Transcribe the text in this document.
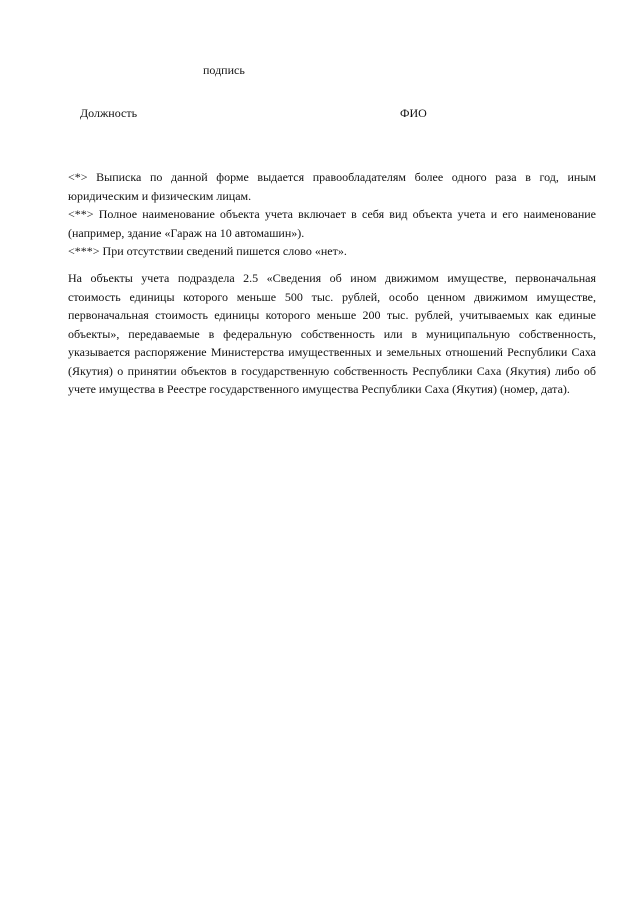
подпись
Должность	ФИО

<*> Выписка по данной форме выдается правообладателям более одного раза в год, иным юридическим и физическим лицам.

<**> Полное наименование объекта учета включает в себя вид объекта учета и его наименование (например, здание «Гараж на 10 автомашин»).

<***> При отсутствии сведений пишется слово «нет».

На объекты учета подраздела 2.5 «Сведения об ином движимом имуществе, первоначальная стоимость единицы которого меньше 500 тыс. рублей, особо ценном движимом имуществе, первоначальная стоимость единицы которого меньше 200 тыс. рублей, учитываемых как единые объекты», передаваемые в федеральную собственность или в муниципальную собственность, указывается распоряжение Министерства имущественных и земельных отношений Республики Саха (Якутия) о принятии объектов в государственную собственность Республики Саха (Якутия) либо об учете имущества в Реестре государственного имущества Республики Саха (Якутия) (номер, дата).
